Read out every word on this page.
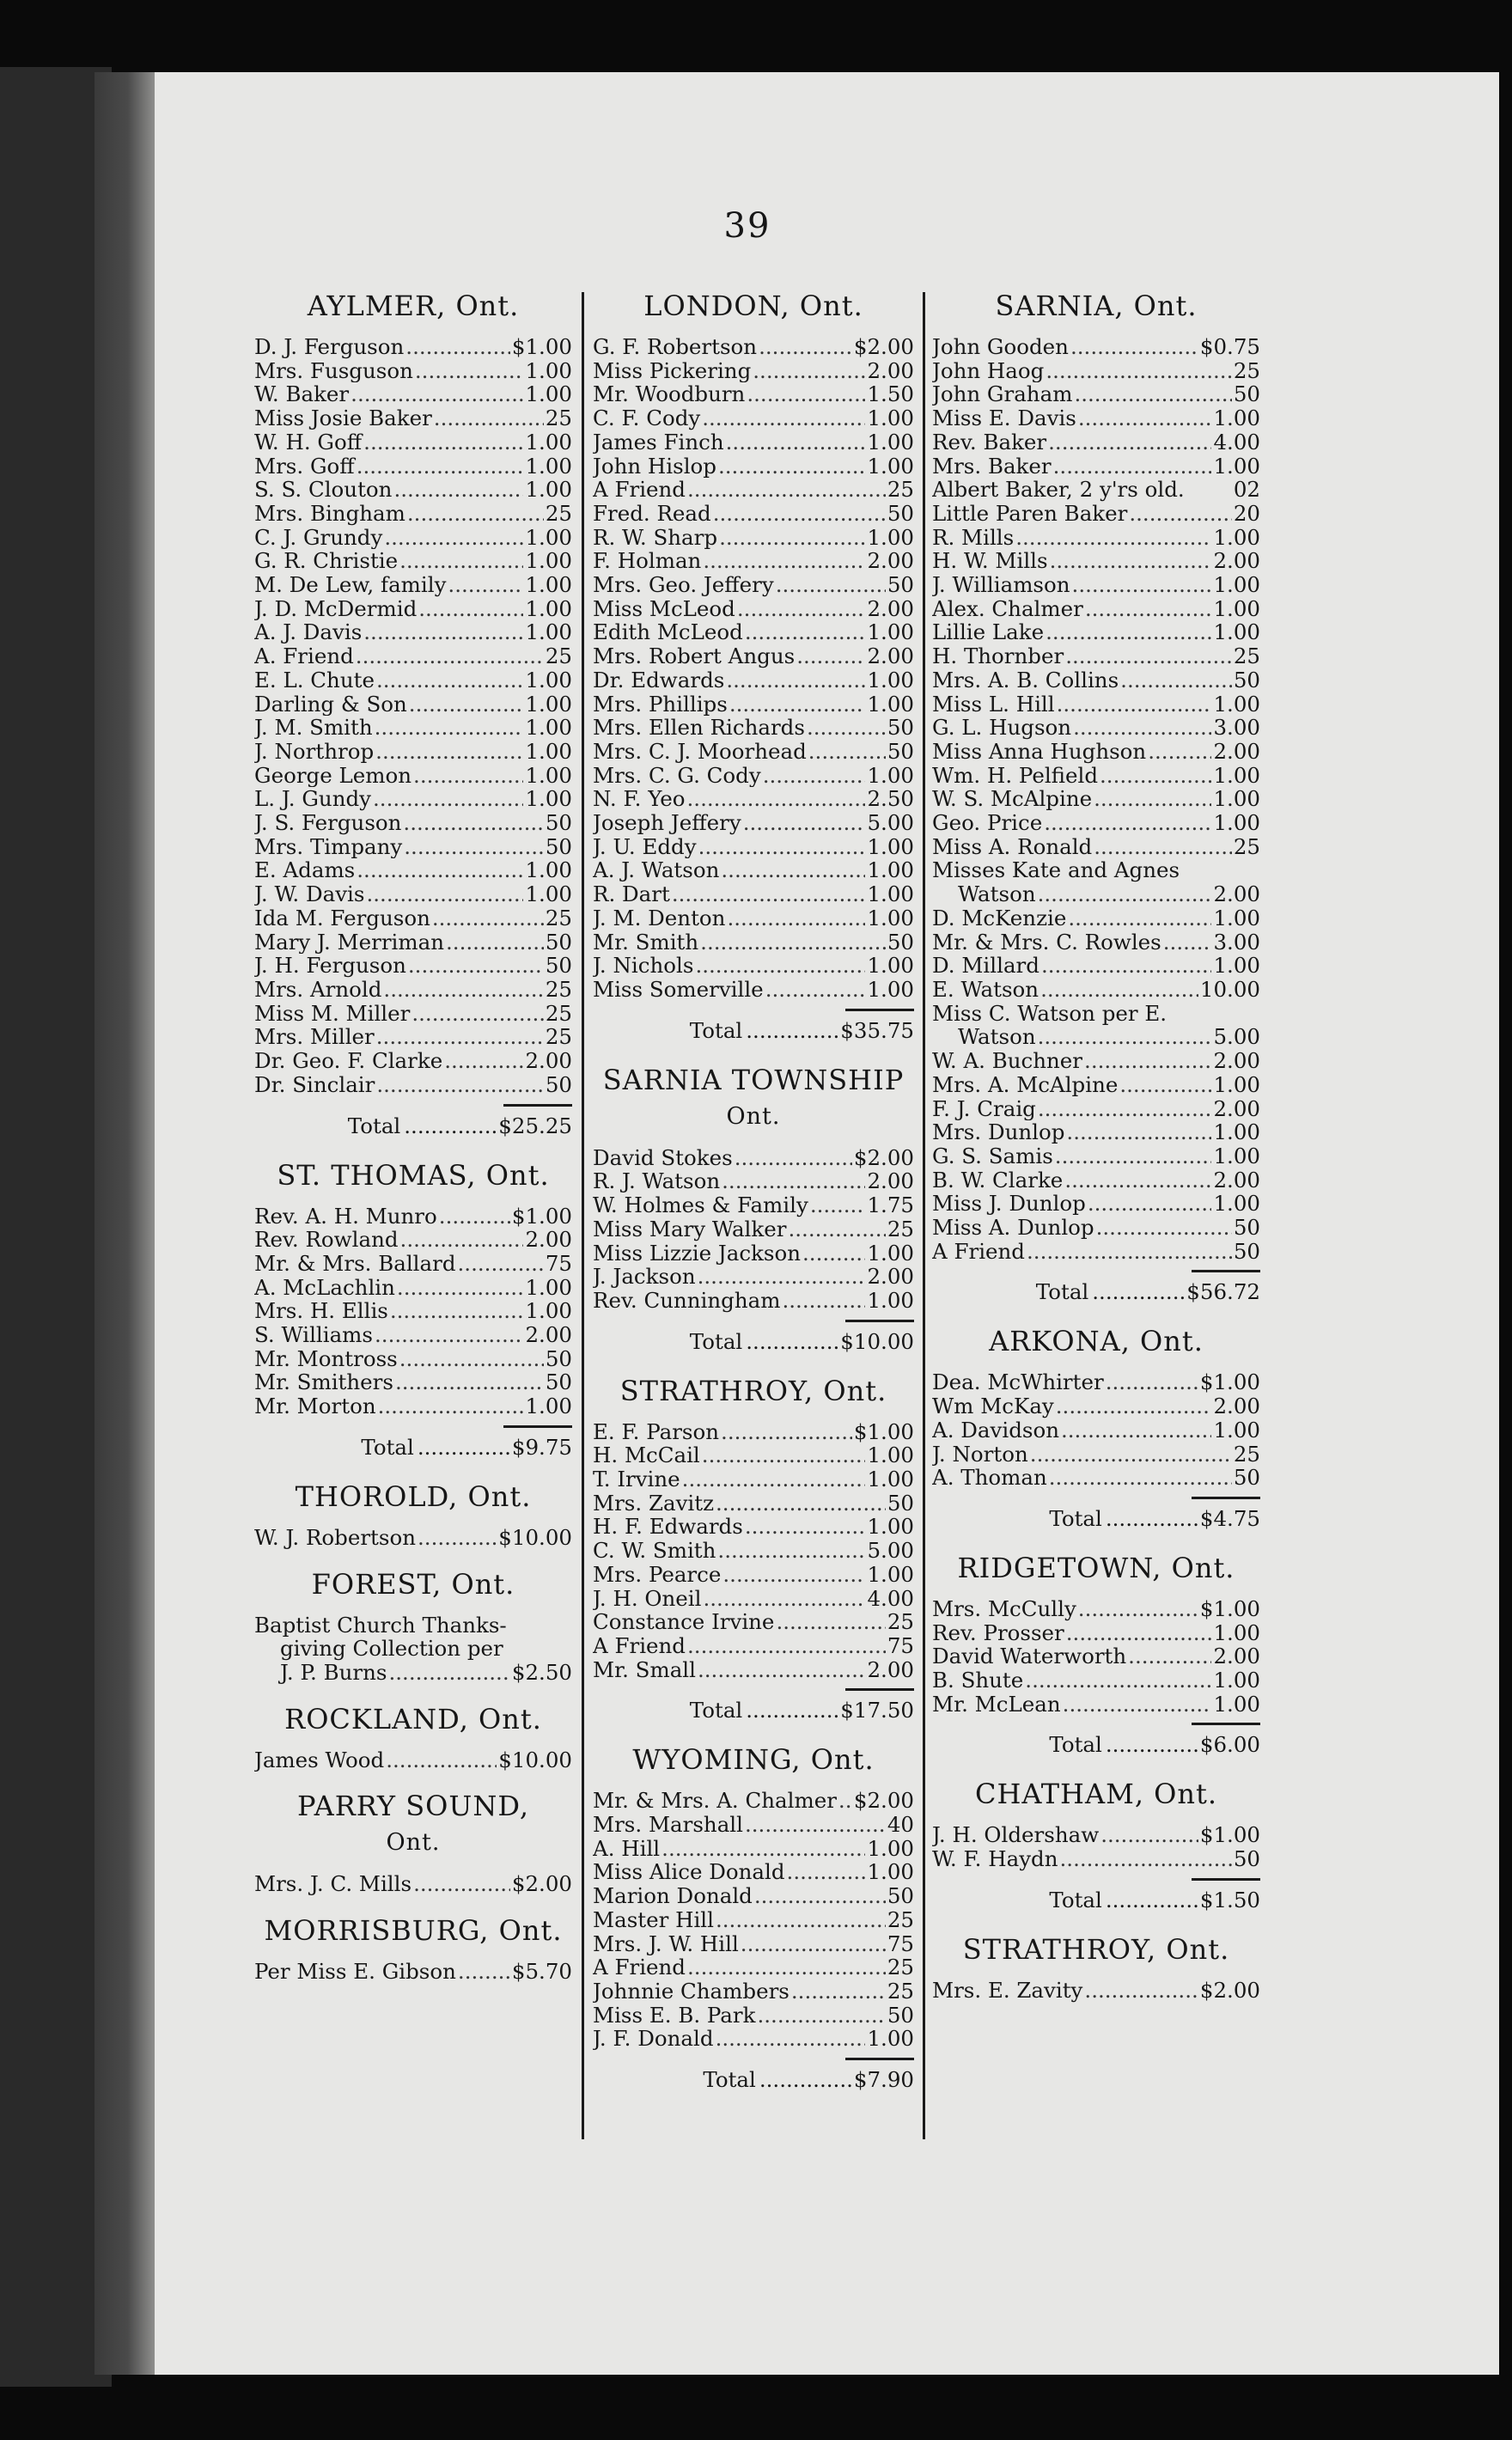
39
AYLMER, Ont.
D. J. Ferguson .....	$1.00
Mrs. Fusguson .....	1.00
W. Baker .....	1.00
Miss Josie Baker .....	25
W. H. Goff .....	1.00
Mrs. Goff .....	1.00
S. S. Clouton .....	1.00
Mrs. Bingham .....	25
C. J. Grundy .....	1.00
G. R. Christie .....	1.00
M. De Lew, family .....	1.00
J. D. McDermid .....	1.00
A. J. Davis .....	1.00
A. Friend .....	25
E. L. Chute .....	1.00
Darling & Son .....	1.00
J. M. Smith .....	1.00
J. Northrop .....	1.00
George Lemon .....	1.00
L. J. Gundy .....	1.00
J. S. Ferguson .....	50
Mrs. Timpany .....	50
E. Adams .....	1.00
J. W. Davis .....	1.00
Ida M. Ferguson .....	25
Mary J. Merriman .....	50
J. H. Ferguson .....	50
Mrs. Arnold .....	25
Miss M. Miller .....	25
Mrs. Miller .....	25
Dr. Geo. F. Clarke .....	2.00
Dr. Sinclair .....	50
Total .....	$25.25
ST. THOMAS, Ont.
Rev. A. H. Munro .....	$1.00
Rev. Rowland .....	2.00
Mr. & Mrs. Ballard .....	75
A. McLachlin .....	1.00
Mrs. H. Ellis .....	1.00
S. Williams .....	2.00
Mr. Montross .....	50
Mr. Smithers .....	50
Mr. Morton .....	1.00
Total .....	$9.75
THOROLD, Ont.
W. J. Robertson .....	$10.00
FOREST, Ont.
Baptist Church Thanks-
giving Collection per
J. P. Burns .....	$2.50
ROCKLAND, Ont.
James Wood .....	$10.00
PARRY SOUND,
Ont.
Mrs. J. C. Mills .....	$2.00
MORRISBURG, Ont.
Per Miss E. Gibson .....	$5.70
LONDON, Ont.
G. F. Robertson .....	$2.00
Miss Pickering .....	2.00
Mr. Woodburn .....	1.50
C. F. Cody .....	1.00
James Finch .....	1.00
John Hislop .....	1.00
A Friend .....	25
Fred. Read .....	50
R. W. Sharp .....	1.00
F. Holman .....	2.00
Mrs. Geo. Jeffery .....	50
Miss McLeod .....	2.00
Edith McLeod .....	1.00
Mrs. Robert Angus .....	2.00
Dr. Edwards .....	1.00
Mrs. Phillips .....	1.00
Mrs. Ellen Richards .....	50
Mrs. C. J. Moorhead .....	50
Mrs. C. G. Cody .....	1.00
N. F. Yeo .....	2.50
Joseph Jeffery .....	5.00
J. U. Eddy .....	1.00
A. J. Watson .....	1.00
R. Dart .....	1.00
J. M. Denton .....	1.00
Mr. Smith .....	50
J. Nichols .....	1.00
Miss Somerville .....	1.00
Total .....	$35.75
SARNIA TOWNSHIP
Ont.
David Stokes .....	$2.00
R. J. Watson .....	2.00
W. Holmes & Family .....	1.75
Miss Mary Walker .....	25
Miss Lizzie Jackson .....	1.00
J. Jackson .....	2.00
Rev. Cunningham .....	1.00
Total .....	$10.00
STRATHROY, Ont.
E. F. Parson .....	$1.00
H. McCail .....	1.00
T. Irvine .....	1.00
Mrs. Zavitz .....	50
H. F. Edwards .....	1.00
C. W. Smith .....	5.00
Mrs. Pearce .....	1.00
J. H. Oneil .....	4.00
Constance Irvine .....	25
A Friend .....	75
Mr. Small .....	2.00
Total .....	$17.50
WYOMING, Ont.
Mr. & Mrs. A. Chalmer ..... $2.00
Mrs. Marshall .....	40
A. Hill .....	1.00
Miss Alice Donald .....	1.00
Marion Donald .....	50
Master Hill .....	25
Mrs. J. W. Hill .....	75
A Friend .....	25
Johnnie Chambers .....	25
Miss E. B. Park .....	50
J. F. Donald .....	1.00
Total .....	$7.90
SARNIA, Ont.
John Gooden .....	$0.75
John Haog .....	25
John Graham .....	50
Miss E. Davis .....	1.00
Rev. Baker .....	4.00
Mrs. Baker .....	1.00
Albert Baker, 2 y'rs old. 02
Little Paren Baker .....	20
R. Mills .....	1.00
H. W. Mills .....	2.00
J. Williamson .....	1.00
Alex. Chalmer .....	1.00
Lillie Lake .....	1.00
H. Thornber .....	25
Mrs. A. B. Collins .....	50
Miss L. Hill .....	1.00
G. L. Hugson .....	3.00
Miss Anna Hughson .....	2.00
Wm. H. Pelfield .....	1.00
W. S. McAlpine .....	1.00
Geo. Price .....	1.00
Miss A. Ronald .....	25
Misses Kate and Agnes
Watson .....	2.00
D. McKenzie .....	1.00
Mr. & Mrs. C. Rowles ..... 3.00
D. Millard .....	1.00
E. Watson .....	10.00
Miss C. Watson per E.
Watson .....	5.00
W. A. Buchner .....	2.00
Mrs. A. McAlpine .....	1.00
F. J. Craig .....	2.00
Mrs. Dunlop .....	1.00
G. S. Samis .....	1.00
B. W. Clarke .....	2.00
Miss J. Dunlop .....	1.00
Miss A. Dunlop .....	50
A Friend .....	50
Total .....	$56.72
ARKONA, Ont.
Dea. McWhirter .....	$1.00
Wm McKay .....	2.00
A. Davidson .....	1.00
J. Norton .....	25
A. Thoman .....	50
Total .....	$4.75
RIDGETOWN, Ont.
Mrs. McCully .....	$1.00
Rev. Prosser .....	1.00
David Waterworth .....	2.00
B. Shute .....	1.00
Mr. McLean .....	1.00
Total .....	$6.00
CHATHAM, Ont.
J. H. Oldershaw .....	$1.00
W. F. Haydn .....	50
Total .....	$1.50
STRATHROY, Ont.
Mrs. E. Zavity .....	$2.00
